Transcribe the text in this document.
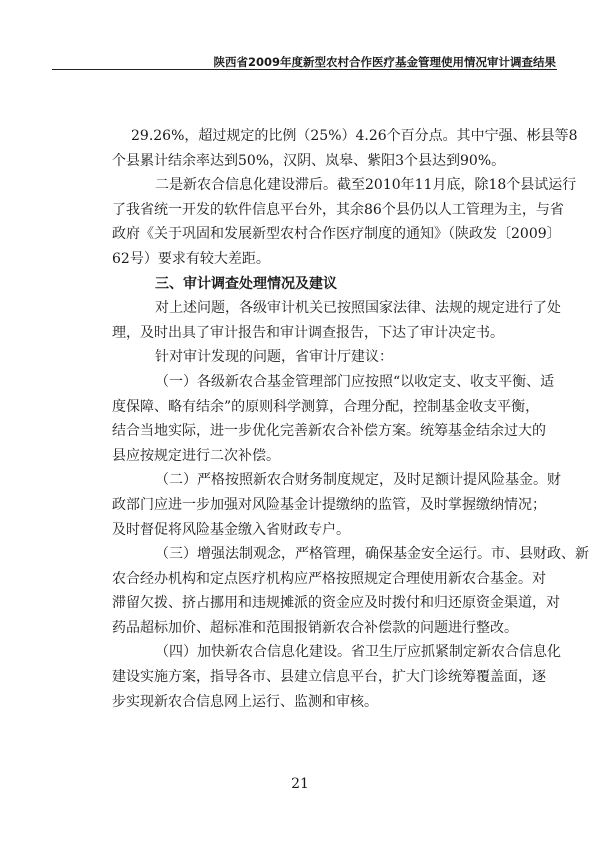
陕西省2009年度新型农村合作医疗基金管理使用情况审计调查结果

29.26%，超过规定的比例（25%）4.26个百分点。其中宁强、彬县等8

个县累计结余率达到50%，汉阴、岚皋、紫阳3个县达到90%。

二是新农合信息化建设滞后。截至2010年11月底，除18个县试运行

了我省统一开发的软件信息平台外，其余86个县仍以人工管理为主，与省

政府《关于巩固和发展新型农村合作医疗制度的通知》（陕政发〔2009〕

62号）要求有较大差距。

三、审计调查处理情况及建议

对上述问题，各级审计机关已按照国家法律、法规的规定进行了处

理，及时出具了审计报告和审计调查报告，下达了审计决定书。

针对审计发现的问题，省审计厅建议：

（一）各级新农合基金管理部门应按照“以收定支、收支平衡、适

度保障、略有结余”的原则科学测算，合理分配，控制基金收支平衡，

结合当地实际，进一步优化完善新农合补偿方案。统筹基金结余过大的

县应按规定进行二次补偿。

（二）严格按照新农合财务制度规定，及时足额计提风险基金。财

政部门应进一步加强对风险基金计提缴纳的监管，及时掌握缴纳情况；

及时督促将风险基金缴入省财政专户。

（三）增强法制观念，严格管理，确保基金安全运行。市、县财政、新

农合经办机构和定点医疗机构应严格按照规定合理使用新农合基金。对

滞留欠拨、挤占挪用和违规摊派的资金应及时拨付和归还原资金渠道，对

药品超标加价、超标准和范围报销新农合补偿款的问题进行整改。

（四）加快新农合信息化建设。省卫生厅应抓紧制定新农合信息化

建设实施方案，指导各市、县建立信息平台，扩大门诊统筹覆盖面，逐

步实现新农合信息网上运行、监测和审核。

21
